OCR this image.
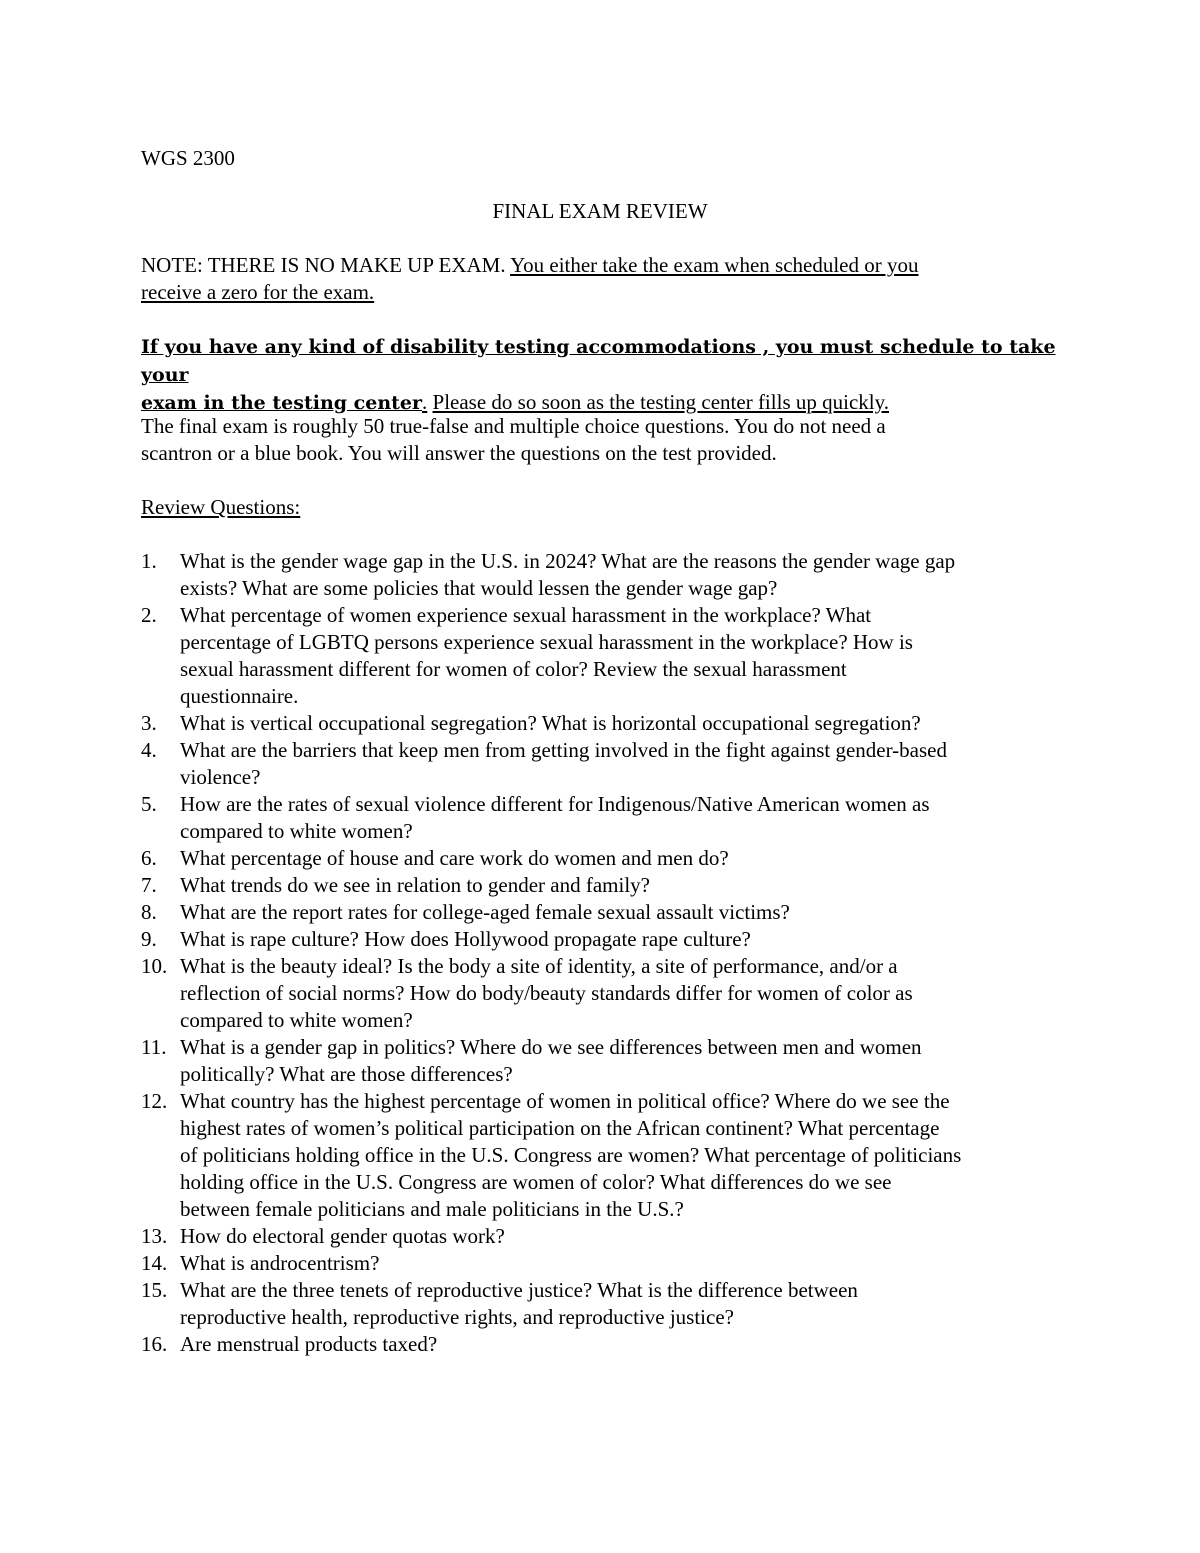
WGS 2300
FINAL EXAM REVIEW
NOTE: THERE IS NO MAKE UP EXAM. You either take the exam when scheduled or you
receive a zero for the exam.
If you have any kind of disability testing accommodations , you must schedule to take your
exam in the testing center. Please do so soon as the testing center fills up quickly.
The final exam is roughly 50 true-false and multiple choice questions. You do not need a
scantron or a blue book. You will answer the questions on the test provided.
Review Questions:
1. What is the gender wage gap in the U.S. in 2024? What are the reasons the gender wage gap
exists? What are some policies that would lessen the gender wage gap?
2. What percentage of women experience sexual harassment in the workplace? What
percentage of LGBTQ persons experience sexual harassment in the workplace? How is
sexual harassment different for women of color? Review the sexual harassment
questionnaire.
3. What is vertical occupational segregation? What is horizontal occupational segregation?
4. What are the barriers that keep men from getting involved in the fight against gender-based
violence?
5. How are the rates of sexual violence different for Indigenous/Native American women as
compared to white women?
6. What percentage of house and care work do women and men do?
7. What trends do we see in relation to gender and family?
8. What are the report rates for college-aged female sexual assault victims?
9. What is rape culture? How does Hollywood propagate rape culture?
10. What is the beauty ideal? Is the body a site of identity, a site of performance, and/or a
reflection of social norms? How do body/beauty standards differ for women of color as
compared to white women?
11. What is a gender gap in politics? Where do we see differences between men and women
politically? What are those differences?
12. What country has the highest percentage of women in political office? Where do we see the
highest rates of women’s political participation on the African continent? What percentage
of politicians holding office in the U.S. Congress are women? What percentage of politicians
holding office in the U.S. Congress are women of color? What differences do we see
between female politicians and male politicians in the U.S.?
13. How do electoral gender quotas work?
14. What is androcentrism?
15. What are the three tenets of reproductive justice? What is the difference between
reproductive health, reproductive rights, and reproductive justice?
16. Are menstrual products taxed?
